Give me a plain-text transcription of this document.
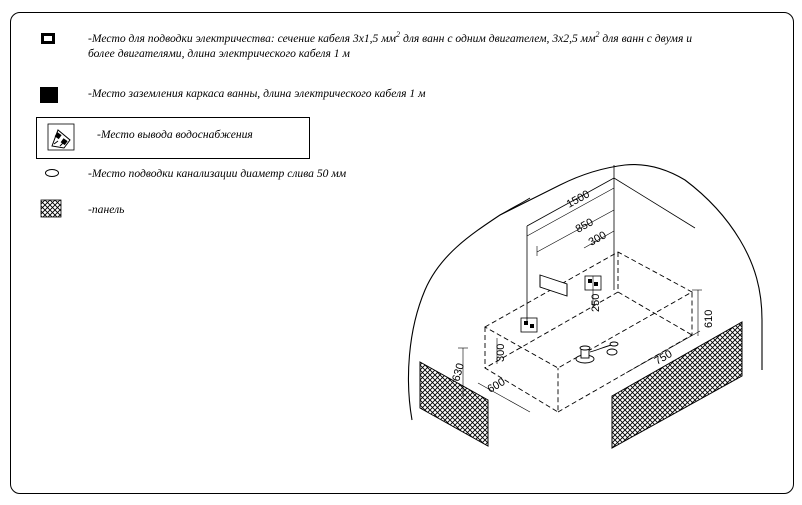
-Место для подводки электричества: сечение кабеля 3х1,5 $мм^2$ для ванн с одним двигателем, 3х2,5 $мм^2$ для ванн с двумя и
более двигателями, длина электрического кабеля 1 м
-Место заземления каркаса ванны, длина электрического кабеля 1 м
-Место вывода водоснабжения
-Место подводки канализации диаметр слива 50 мм
-панель	1500
850
300
250
610
300
630
600
750
